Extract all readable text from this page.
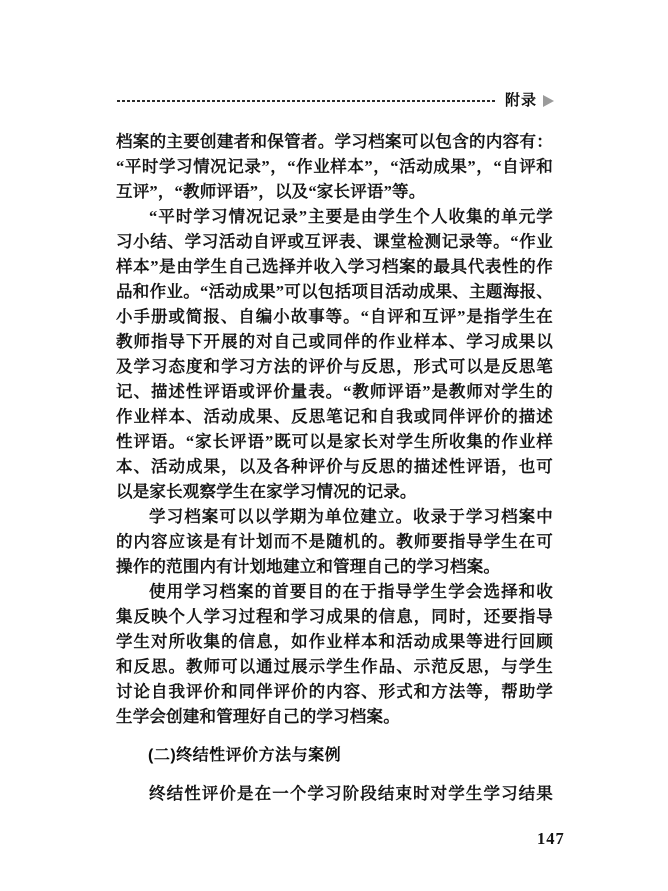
附录
档案的主要创建者和保管者。学习档案可以包含的内容有：
“平时学习情况记录”，“作业样本”，“活动成果”，“自评和
互评”，“教师评语”，以及“家长评语”等。
“平时学习情况记录”主要是由学生个人收集的单元学
习小结、学习活动自评或互评表、课堂检测记录等。“作业
样本”是由学生自己选择并收入学习档案的最具代表性的作
品和作业。“活动成果”可以包括项目活动成果、主题海报、
小手册或简报、自编小故事等。“自评和互评”是指学生在
教师指导下开展的对自己或同伴的作业样本、学习成果以
及学习态度和学习方法的评价与反思，形式可以是反思笔
记、描述性评语或评价量表。“教师评语”是教师对学生的
作业样本、活动成果、反思笔记和自我或同伴评价的描述
性评语。“家长评语”既可以是家长对学生所收集的作业样
本、活动成果，以及各种评价与反思的描述性评语，也可
以是家长观察学生在家学习情况的记录。
学习档案可以以学期为单位建立。收录于学习档案中
的内容应该是有计划而不是随机的。教师要指导学生在可
操作的范围内有计划地建立和管理自己的学习档案。
使用学习档案的首要目的在于指导学生学会选择和收
集反映个人学习过程和学习成果的信息，同时，还要指导
学生对所收集的信息，如作业样本和活动成果等进行回顾
和反思。教师可以通过展示学生作品、示范反思，与学生
讨论自我评价和同伴评价的内容、形式和方法等，帮助学
生学会创建和管理好自己的学习档案。
(二)终结性评价方法与案例
终结性评价是在一个学习阶段结束时对学生学习结果
147
